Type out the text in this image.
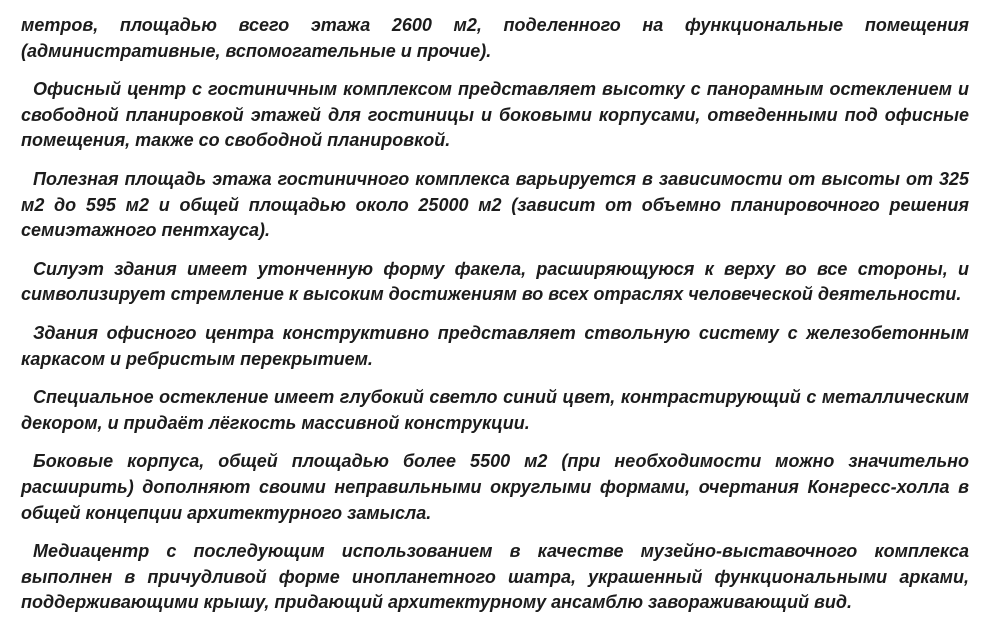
метров, площадью всего этажа 2600 м2, поделенного на функциональные помещения (административные, вспомогательные и прочие).

Офисный центр с гостиничным комплексом представляет высотку с панорамным остеклением и свободной планировкой этажей для гостиницы и боковыми корпусами, отведенными под офисные помещения, также со свободной планировкой.

Полезная площадь этажа гостиничного комплекса варьируется в зависимости от высоты от 325 м2 до 595 м2 и общей площадью около 25000 м2 (зависит от объемно планировочного решения семиэтажного пентхауса).

Силуэт здания имеет утонченную форму факела, расширяющуюся к верху во все стороны, и символизирует стремление к высоким достижениям во всех отраслях человеческой деятельности.

Здания офисного центра конструктивно представляет ствольную систему с железобетонным каркасом и ребристым перекрытием.

Специальное остекление имеет глубокий светло синий цвет, контрастирующий с металлическим декором, и придаёт лёгкость массивной конструкции.

Боковые корпуса, общей площадью более 5500 м2 (при необходимости можно значительно расширить) дополняют своими неправильными округлыми формами, очертания Конгресс-холла в общей концепции архитектурного замысла.

Медиацентр с последующим использованием в качестве музейно-выставочного комплекса выполнен в причудливой форме инопланетного шатра, украшенный функциональными арками, поддерживающими крышу, придающий архитектурному ансамблю завораживающий вид.
